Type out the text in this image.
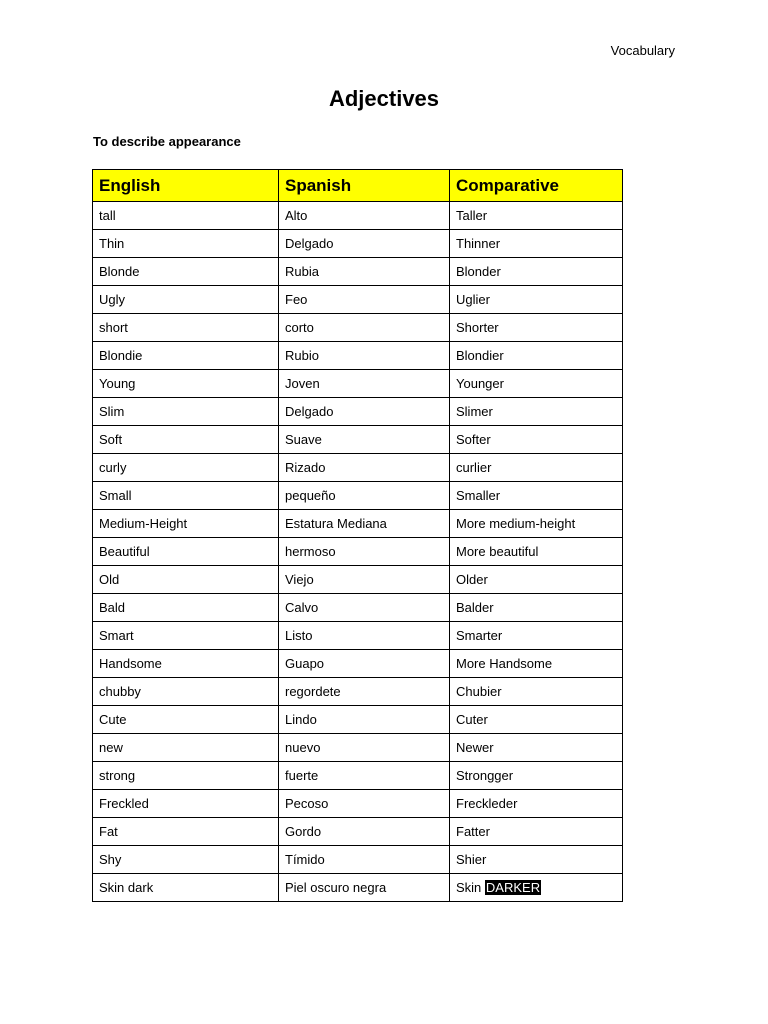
Vocabulary
Adjectives
To describe appearance
English	Spanish	Comparative
tall	Alto	Taller
Thin	Delgado	Thinner
Blonde	Rubia	Blonder
Ugly	Feo	Uglier
short	corto	Shorter
Blondie	Rubio	Blondier
Young	Joven	Younger
Slim	Delgado	Slimer
Soft	Suave	Softer
curly	Rizado	curlier
Small	pequeño	Smaller
Medium-Height	Estatura Mediana	More medium-height
Beautiful	hermoso	More beautiful
Old	Viejo	Older
Bald	Calvo	Balder
Smart	Listo	Smarter
Handsome	Guapo	More Handsome
chubby	regordete	Chubier
Cute	Lindo	Cuter
new	nuevo	Newer
strong	fuerte	Strongger
Freckled	Pecoso	Freckleder
Fat	Gordo	Fatter
Shy	Tímido	Shier
Skin dark	Piel oscuro negra	Skin DARKER
